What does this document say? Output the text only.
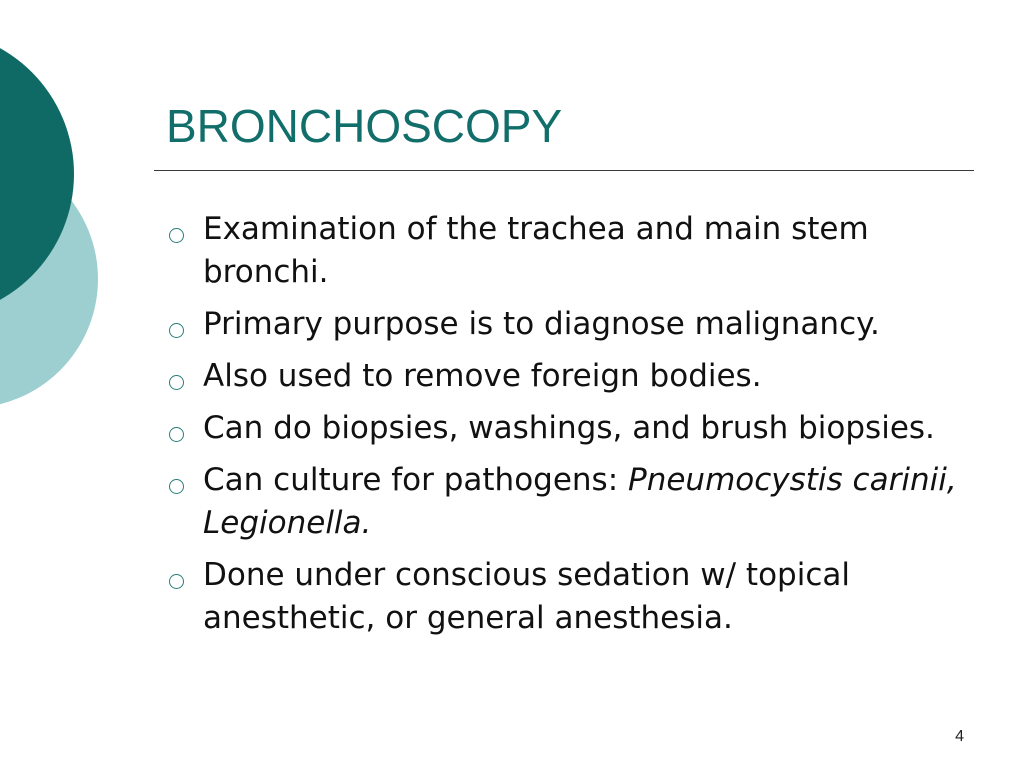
BRONCHOSCOPY
Examination of the trachea and main stem bronchi.
Primary purpose is to diagnose malignancy.
Also used to remove foreign bodies.
Can do biopsies, washings, and brush biopsies.
Can culture for pathogens: Pneumocystis carinii, Legionella.
Done under conscious sedation w/ topical anesthetic, or general anesthesia.
4
